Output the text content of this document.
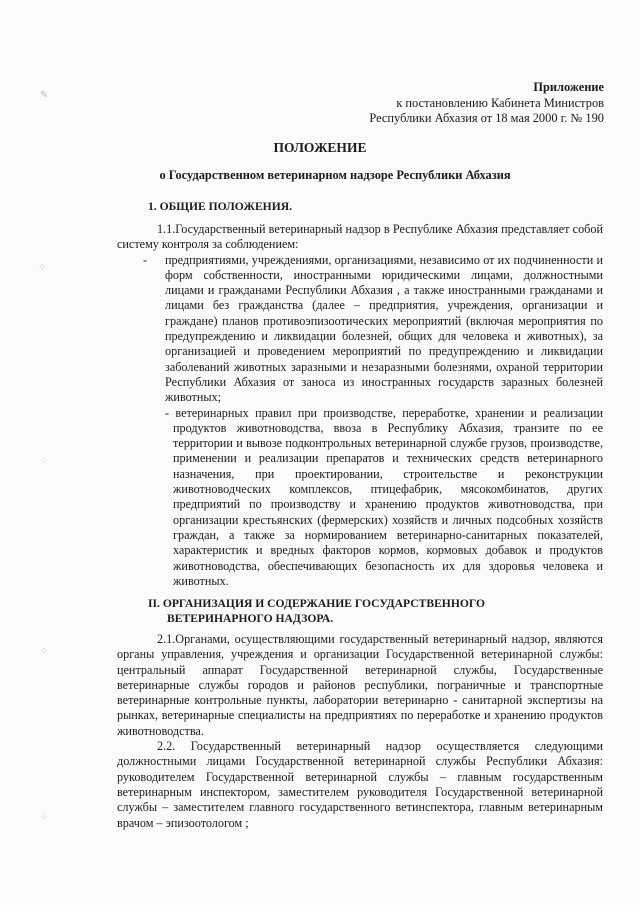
✎
⁘
⁘
⁘
⁘
Приложение
к постановлению Кабинета Министров
Республики Абхазия от 18 мая 2000 г. № 190
ПОЛОЖЕНИЕ
о Государственном ветеринарном надзоре Республики Абхазия
1. ОБЩИЕ ПОЛОЖЕНИЯ.

1.1.Государственный ветеринарный надзор в Республике Абхазия представляет собой систему контроля за соблюдением:

- предприятиями, учреждениями, организациями, независимо от их подчиненности и форм собственности, иностранными юридическими лицами, должностными лицами и гражданами Республики Абхазия , а также иностранными гражданами и лицами без гражданства (далее – предприятия, учреждения, организации и граждане) планов противоэпизоотических мероприятий (включая мероприятия по предупреждению и ликвидации болезней, общих для человека и животных), за организацией и проведением мероприятий по предупреждению и ликвидации заболеваний животных заразными и незаразными болезнями, охраной территории Республики Абхазия от заноса из иностранных государств заразных болезней животных;

- ветеринарных правил при производстве, переработке, хранении и реализации продуктов животноводства, ввоза в Республику Абхазия, транзите по ее территории и вывозе подконтрольных ветеринарной службе грузов, производстве, применении и реализации препаратов и технических средств ветеринарного назначения, при проектировании, строительстве и реконструкции животноводческих комплексов, птицефабрик, мясокомбинатов, других предприятий по производству и хранению продуктов животноводства, при организации крестьянских (фермерских) хозяйств и личных подсобных хозяйств граждан, а также за нормированием ветеринарно-санитарных показателей, характеристик и вредных факторов кормов, кормовых добавок и продуктов животноводства, обеспечивающих безопасность их для здоровья человека и животных.

II. ОРГАНИЗАЦИЯ И СОДЕРЖАНИЕ ГОСУДАРСТВЕННОГО
ВЕТЕРИНАРНОГО НАДЗОРА.

2.1.Органами, осуществляющими государственный ветеринарный надзор, являются органы управления, учреждения и организации Государственной ветеринарной службы: центральный аппарат Государственной ветеринарной службы, Государственные ветеринарные службы городов и районов республики, пограничные и транспортные ветеринарные контрольные пункты, лаборатории ветеринарно - санитарной экспертизы на рынках, ветеринарные специалисты на предприятиях по переработке и хранению продуктов животноводства.

2.2. Государственный ветеринарный надзор осуществляется следующими должностными лицами Государственной ветеринарной службы Республики Абхазия: руководителем Государственной ветеринарной службы – главным государственным ветеринарным инспектором, заместителем руководителя Государственной ветеринарной службы – заместителем главного государственного ветинспектора, главным ветеринарным врачом – эпизоотологом ;
